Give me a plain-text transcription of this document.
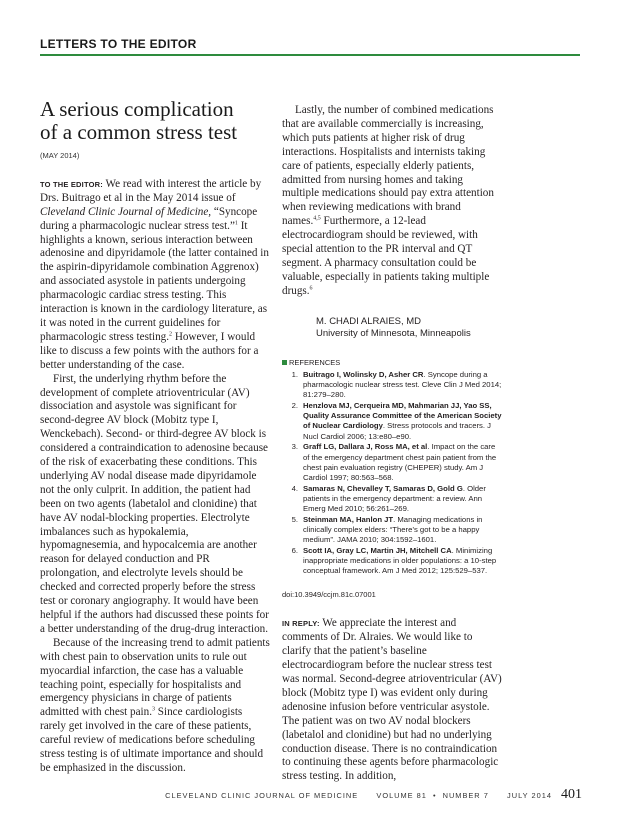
LETTERS TO THE EDITOR
A serious complication
of a common stress test
(MAY 2014)

TO THE EDITOR: We read with interest the article by Drs. Buitrago et al in the May 2014 issue of Cleveland Clinic Journal of Medicine, “Syncope during a pharmacologic nuclear stress test.”$^1$ It highlights a known, serious interaction between adenosine and dipyridamole (the latter contained in the aspirin-dipyridamole combination Aggrenox) and associated asystole in patients undergoing pharmacologic cardiac stress testing. This interaction is known in the cardiology literature, as it was noted in the current guidelines for pharmacologic stress testing.$^2$ However, I would like to discuss a few points with the authors for a better understanding of the case.

First, the underlying rhythm before the development of complete atrioventricular (AV) dissociation and asystole was significant for second-degree AV block (Mobitz type I, Wenckebach). Second- or third-degree AV block is considered a contraindication to adenosine because of the risk of exacerbating these conditions. This underlying AV nodal disease made dipyridamole not the only culprit. In addition, the patient had been on two agents (labetalol and clonidine) that have AV nodal-blocking properties. Electrolyte imbalances such as hypokalemia, hypomagnesemia, and hypocalcemia are another reason for delayed conduction and PR prolongation, and electrolyte levels should be checked and corrected properly before the stress test or coronary angiography. It would have been helpful if the authors had discussed these points for a better understanding of the drug-drug interaction.

Because of the increasing trend to admit patients with chest pain to observation units to rule out myocardial infarction, the case has a valuable teaching point, especially for hospitalists and emergency physicians in charge of patients admitted with chest pain.$^3$ Since cardiologists rarely get involved in the care of these patients, careful review of medications before scheduling stress testing is of ultimate importance and should be emphasized in the discussion.

Lastly, the number of combined medications that are available commercially is increasing, which puts patients at higher risk of drug interactions. Hospitalists and internists taking care of patients, especially elderly patients, admitted from nursing homes and taking multiple medications should pay extra attention when reviewing medications with brand names.$^{4,5}$ Furthermore, a 12-lead electrocardiogram should be reviewed, with special attention to the PR interval and QT segment. A pharmacy consultation could be valuable, especially in patients taking multiple drugs.$^6$

M. CHADI ALRAIES, MD
University of Minnesota, Minneapolis
REFERENCES
1. Buitrago I, Wolinsky D, Asher CR. Syncope during a pharmacologic nuclear stress test. Cleve Clin J Med 2014; 81:279–280.
2. Henzlova MJ, Cerqueira MD, Mahmarian JJ, Yao SS, Quality Assurance Committee of the American Society of Nuclear Cardiology. Stress protocols and tracers. J Nucl Cardiol 2006; 13:e80–e90.
3. Graff LG, Dallara J, Ross MA, et al. Impact on the care of the emergency department chest pain patient from the chest pain evaluation registry (CHEPER) study. Am J Cardiol 1997; 80:563–568.
4. Samaras N, Chevalley T, Samaras D, Gold G. Older patients in the emergency department: a review. Ann Emerg Med 2010; 56:261–269.
5. Steinman MA, Hanlon JT. Managing medications in clinically complex elders: “There’s got to be a happy medium”. JAMA 2010; 304:1592–1601.
6. Scott IA, Gray LC, Martin JH, Mitchell CA. Minimizing inappropriate medications in older populations: a 10-step conceptual framework. Am J Med 2012; 125:529–537.
doi:10.3949/ccjm.81c.07001

IN REPLY: We appreciate the interest and comments of Dr. Alraies. We would like to clarify that the patient’s baseline electrocardiogram before the nuclear stress test was normal. Second-degree atrioventricular (AV) block (Mobitz type I) was evident only during adenosine infusion before ventricular asystole. The patient was on two AV nodal blockers (labetalol and clonidine) but had no underlying conduction disease. There is no contraindication to continuing these agents before pharmacologic stress testing. In addition,

CLEVELAND CLINIC JOURNAL OF MEDICINE VOLUME 81 • NUMBER 7 JULY 2014 401
